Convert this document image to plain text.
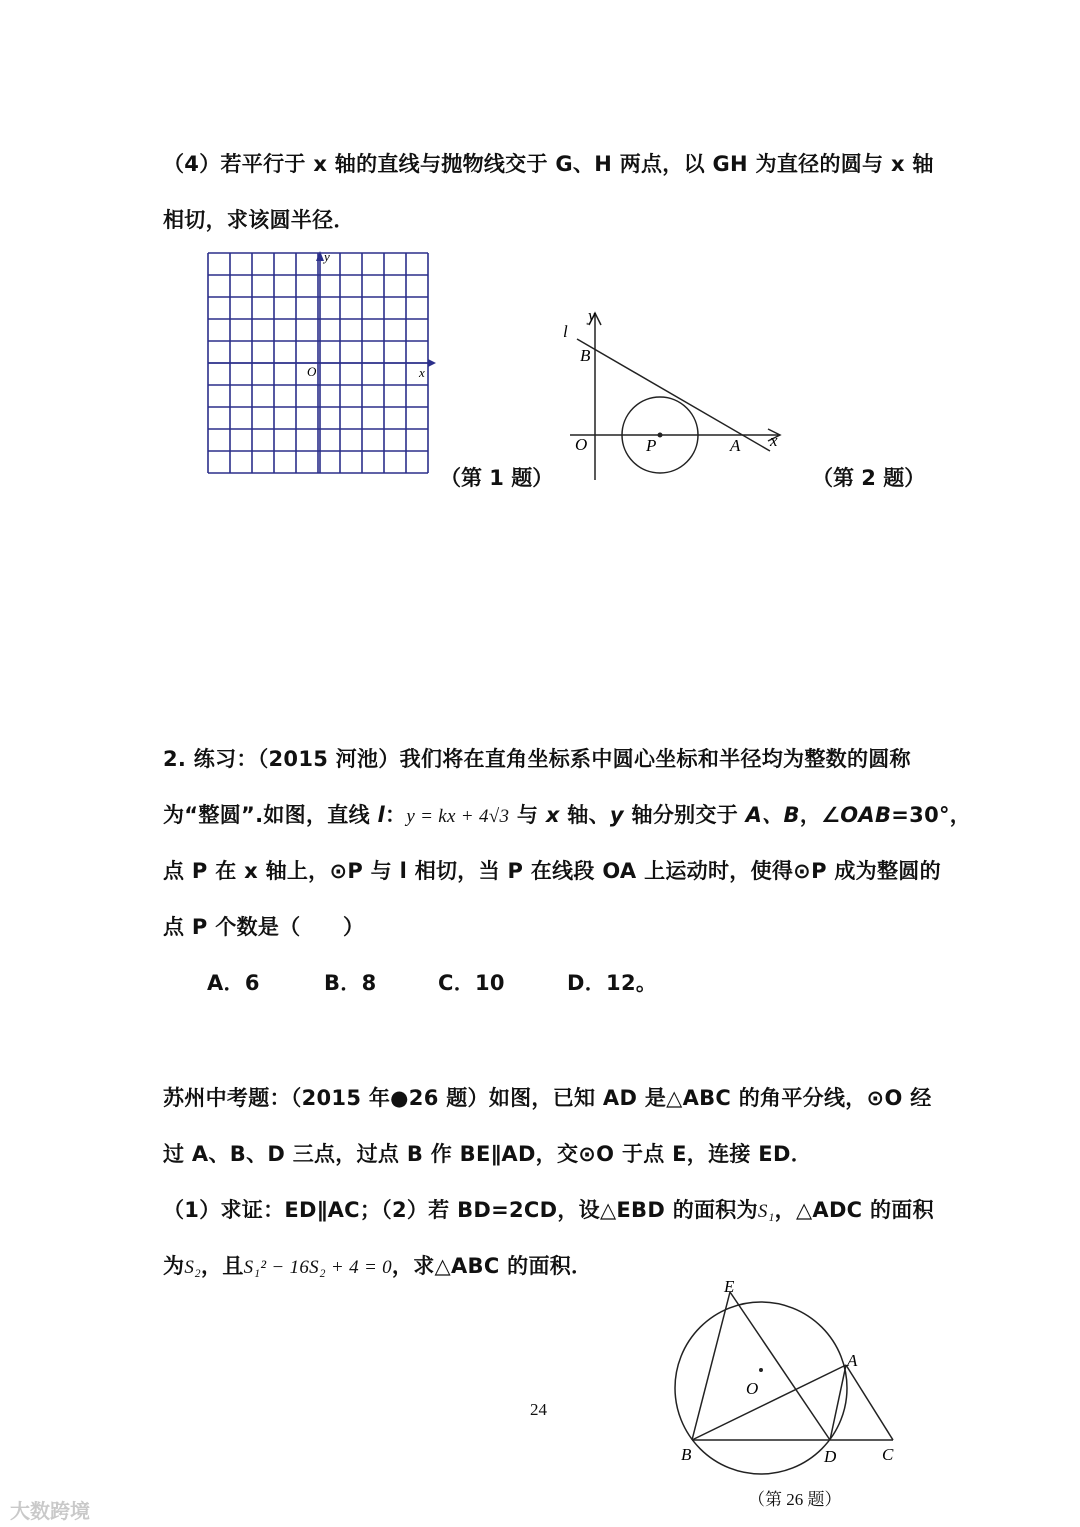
（4）若平行于 x 轴的直线与抛物线交于 G、H 两点，以 GH 为直径的圆与 x 轴
相切，求该圆半径．
O	x
y
（第 1 题）
y
l
B
O	P	A x
（第 2 题）
2. 练习：（2015 河池）我们将在直角坐标系中圆心坐标和半径均为整数的圆称
为“整圆”.如图，直线 l：y = kx + 4√3 与 x 轴、y 轴分别交于 A、B，∠OAB=30°，
点 P 在 x 轴上，⊙P 与 l 相切，当 P 在线段 OA 上运动时，使得⊙P 成为整圆的
点 P 个数是（　　）
A．6	B．8	C．10	D．12。
苏州中考题：（2015 年●26 题）如图，已知 AD 是△ABC 的角平分线，⊙O 经
过 A、B、D 三点，过点 B 作 BE∥AD，交⊙O 于点 E，连接 ED．
（1）求证：ED∥AC；（2）若 BD=2CD，设△EBD 的面积为S₁，△ADC 的面积
为S₂，且S₁² − 16S₂ + 4 = 0，求△ABC 的面积．
E
A
O
B	D	C
（第 26 题）
24
大数跨境
